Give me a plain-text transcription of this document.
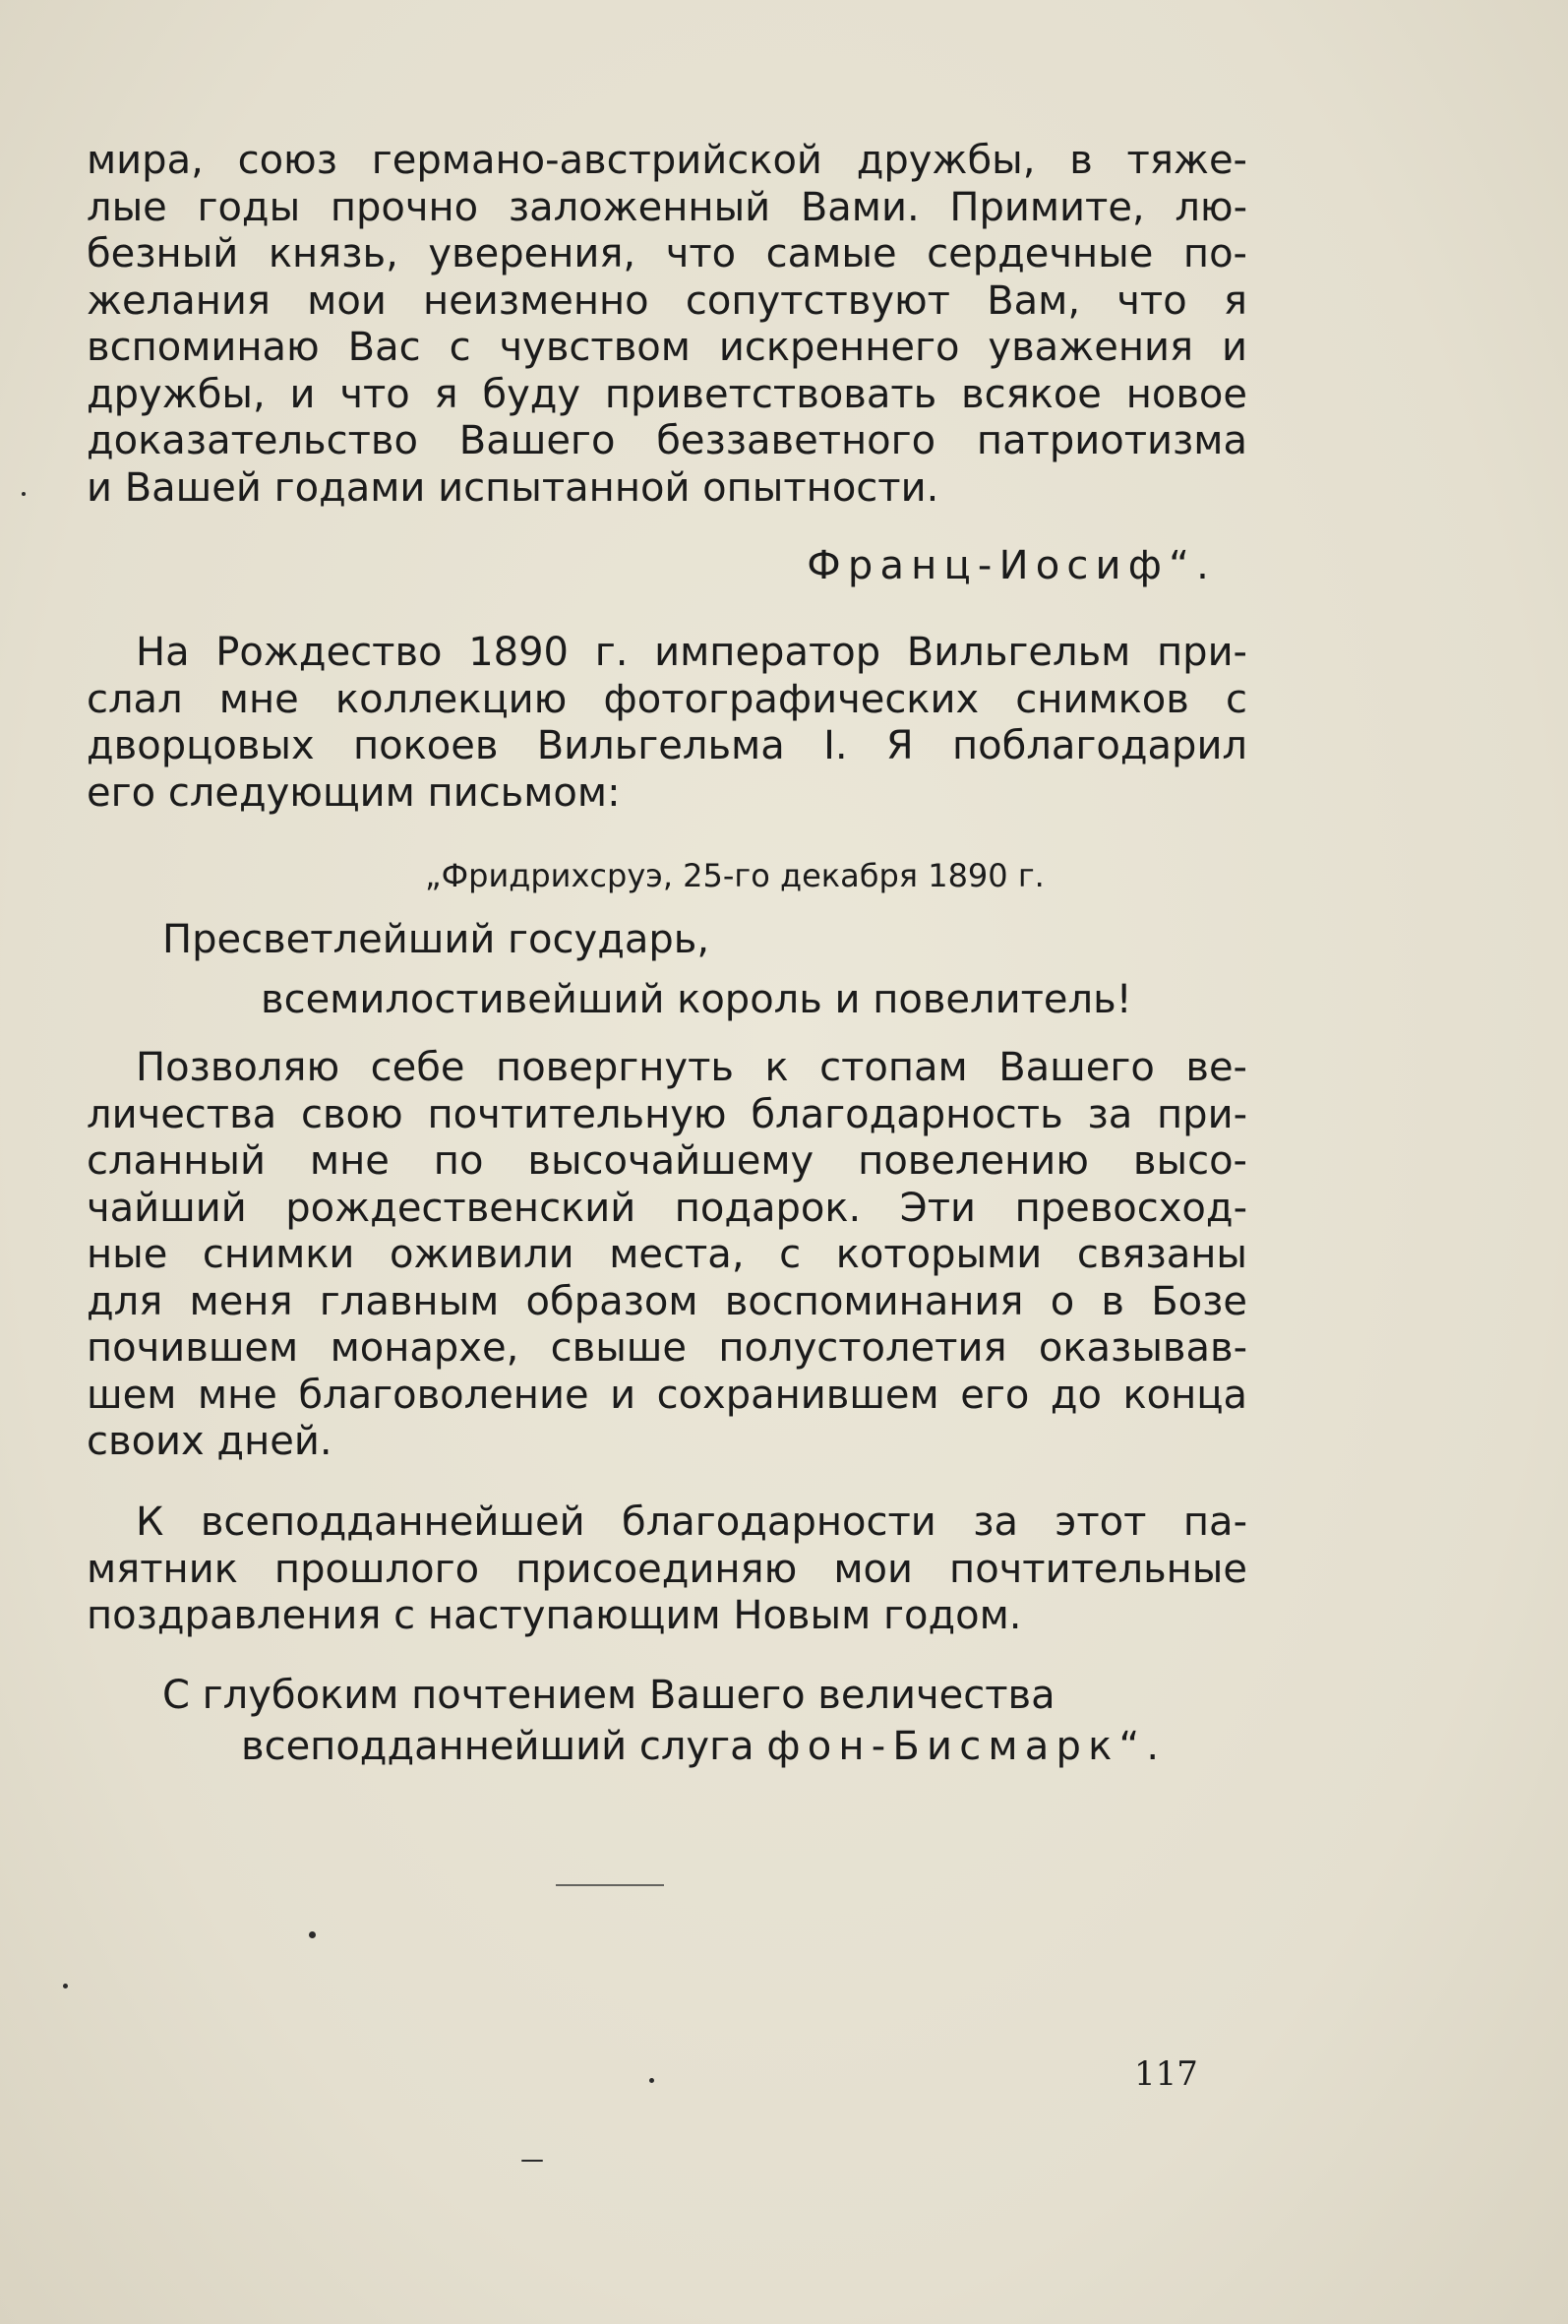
мира, союз германо-австрийской дружбы, в тяже-
лые годы прочно заложенный Вами. Примите, лю-
безный князь, уверения, что самые сердечные по-
желания мои неизменно сопутствуют Вам, что я
вспоминаю Вас с чувством искреннего уважения и
дружбы, и что я буду приветствовать всякое новое
доказательство Вашего беззаветного патриотизма
и Вашей годами испытанной опытности.
Франц-Иосиф“.
На Рождество 1890 г. император Вильгельм при-
слал мне коллекцию фотографических снимков с
дворцовых покоев Вильгельма I. Я поблагодарил
его следующим письмом:
„Фридрихсруэ, 25-го декабря 1890 г.
Пресветлейший государь,
всемилостивейший король и повелитель!
Позволяю себе повергнуть к стопам Вашего ве-
личества свою почтительную благодарность за при-
сланный мне по высочайшему повелению высо-
чайший рождественский подарок. Эти превосход-
ные снимки оживили места, с которыми связаны
для меня главным образом воспоминания о в Бозе
почившем монархе, свыше полустолетия оказывав-
шем мне благоволение и сохранившем его до конца
своих дней.
К всеподданнейшей благодарности за этот па-
мятник прошлого присоединяю мои почтительные
поздравления с наступающим Новым годом.
С глубоким почтением Вашего величества
всеподданнейший слуга фон-Бисмарк“.
117
